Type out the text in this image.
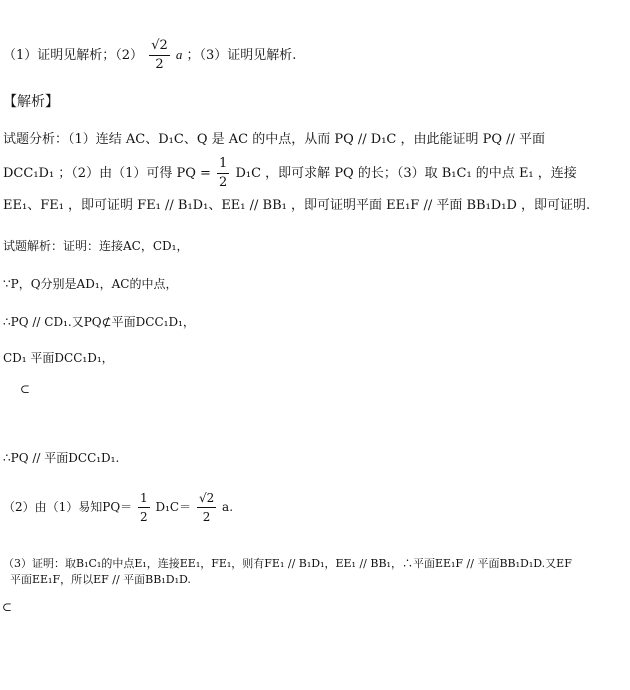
（1）证明见解析；$(2) \frac{√2}{2}$ a ；（3）证明见解析.
【解析】
试题分析：（1）连结 AC、D₁C、Q 是 AC 的中点，从而 PQ // D₁C ，由此能证明 PQ // 平面
DCC₁D₁ ；（2）由（1）可得 PQ = $\frac{1}{2} D_1C$ ，即可求解 PQ 的长；（3）取 B₁C₁ 的中点 E₁ ，连接
EE₁、FE₁ ，即可证明 FE₁ // B₁D₁、EE₁ // BB₁ ，即可证明平面 EE₁F // 平面 BB₁D₁D ，即可证明.
试题解析：证明：连接AC，CD₁，
∵P，Q分别是AD₁，AC的中点，
∴PQ // CD₁.又PQ⊄平面DCC₁D₁，
CD₁ 平面DCC₁D₁，
⊂
∴PQ // 平面DCC₁D₁.
（2）由（1）易知$PQ= \frac{1}{2} D_1C= \frac{√2}{2} a$.
（3）证明：取B₁C₁的中点E₁，连接EE₁，FE₁，则有FE₁ // B₁D₁，EE₁ // BB₁，∴平面EE₁F // 平面BB₁D₁D.又EF
平面EE₁F，所以EF // 平面BB₁D₁D.
⊂
